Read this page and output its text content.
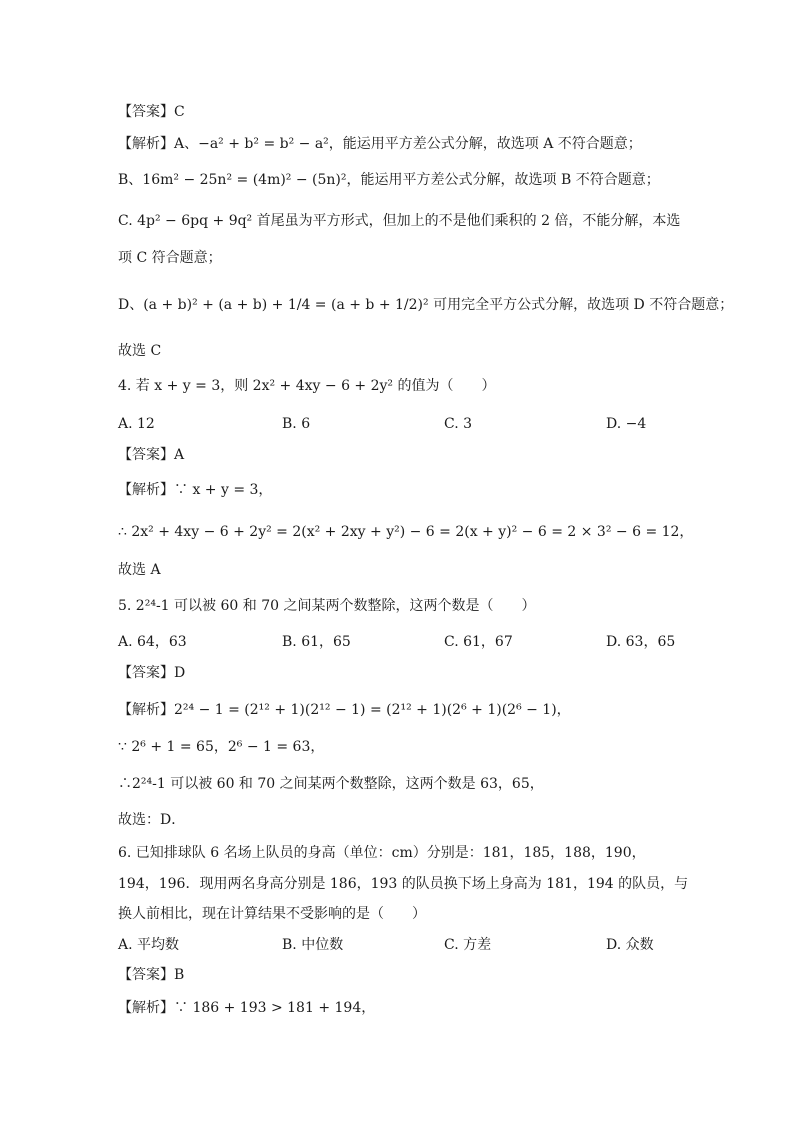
【答案】C
【解析】A、−a² + b² = b² − a²，能运用平方差公式分解，故选项 A 不符合题意；
B、16m² − 25n² = (4m)² − (5n)²，能运用平方差公式分解，故选项 B 不符合题意；
C. 4p² − 6pq + 9q² 首尾虽为平方形式，但加上的不是他们乘积的 2 倍，不能分解，本选
项 C 符合题意；
D、(a + b)² + (a + b) + 1/4 = (a + b + 1/2)² 可用完全平方公式分解，故选项 D 不符合题意；
故选 C
4. 若 x + y = 3，则 2x² + 4xy − 6 + 2y² 的值为（　　）
A. 12	B. 6	C. 3	D. −4
【答案】A
【解析】∵ x + y = 3，
∴ 2x² + 4xy − 6 + 2y² = 2(x² + 2xy + y²) − 6 = 2(x + y)² − 6 = 2 × 3² − 6 = 12，
故选 A
5. 2²⁴-1 可以被 60 和 70 之间某两个数整除，这两个数是（　　）
A. 64，63	B. 61，65	C. 61，67	D. 63，65
【答案】D
【解析】2²⁴ − 1 = (2¹² + 1)(2¹² − 1) = (2¹² + 1)(2⁶ + 1)(2⁶ − 1)，
∵ 2⁶ + 1 = 65，2⁶ − 1 = 63，
∴2²⁴-1 可以被 60 和 70 之间某两个数整除，这两个数是 63，65，
故选：D．
6. 已知排球队 6 名场上队员的身高（单位：cm）分别是：181，185，188，190，
194，196．现用两名身高分别是 186，193 的队员换下场上身高为 181，194 的队员，与
换人前相比，现在计算结果不受影响的是（　　）
A. 平均数	B. 中位数	C. 方差	D. 众数
【答案】B
【解析】∵ 186 + 193 > 181 + 194，
